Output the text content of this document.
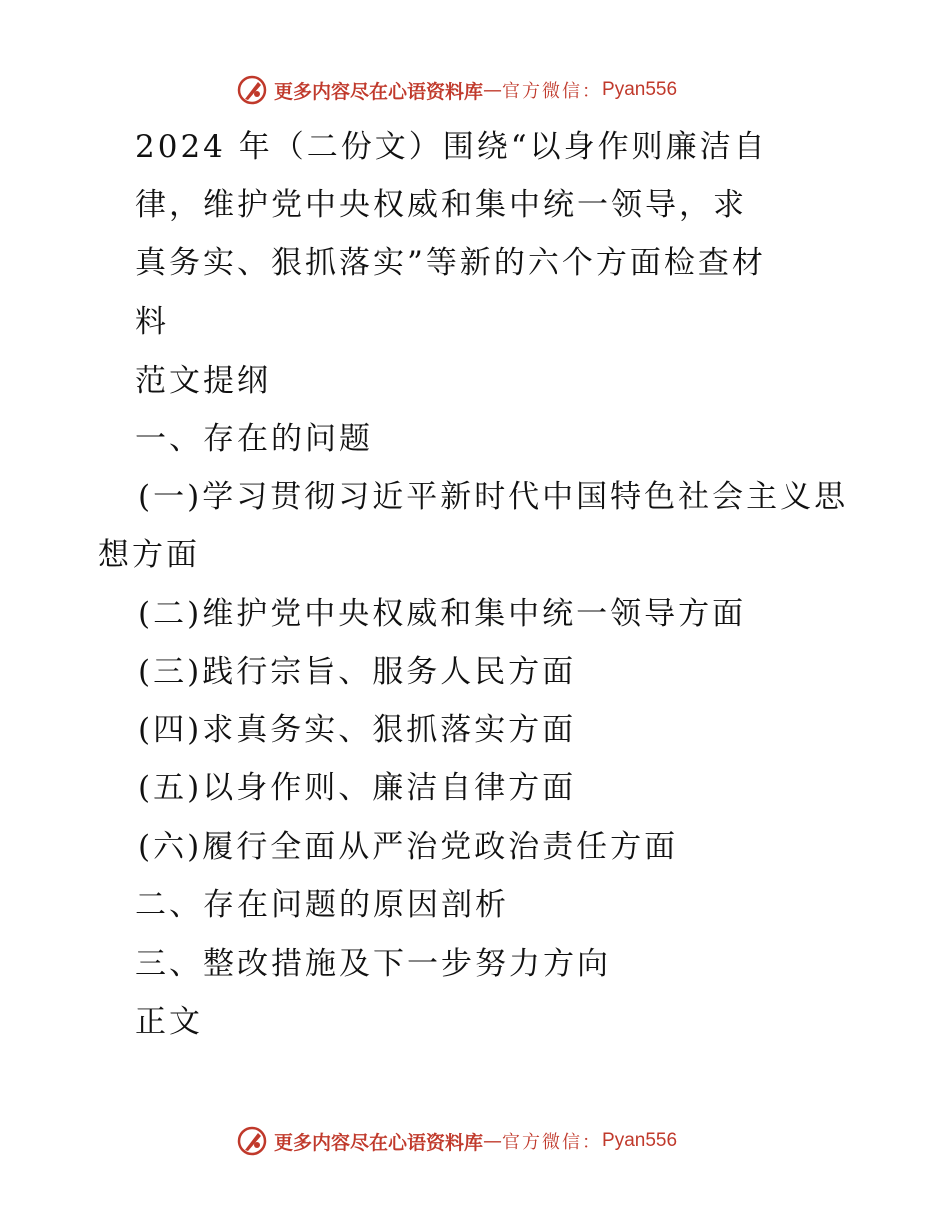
更多内容尽在心语资料库 — 官方微信： Pyan556
2024 年（二份文）围绕“以身作则廉洁自
律，维护党中央权威和集中统一领导，求
真务实、狠抓落实”等新的六个方面检查材
料
范文提纲
一、存在的问题
(一)学习贯彻习近平新时代中国特色社会主义思
想方面
(二)维护党中央权威和集中统一领导方面
(三)践行宗旨、服务人民方面
(四)求真务实、狠抓落实方面
(五)以身作则、廉洁自律方面
(六)履行全面从严治党政治责任方面
二、存在问题的原因剖析
三、整改措施及下一步努力方向
正文
更多内容尽在心语资料库 — 官方微信： Pyan556
